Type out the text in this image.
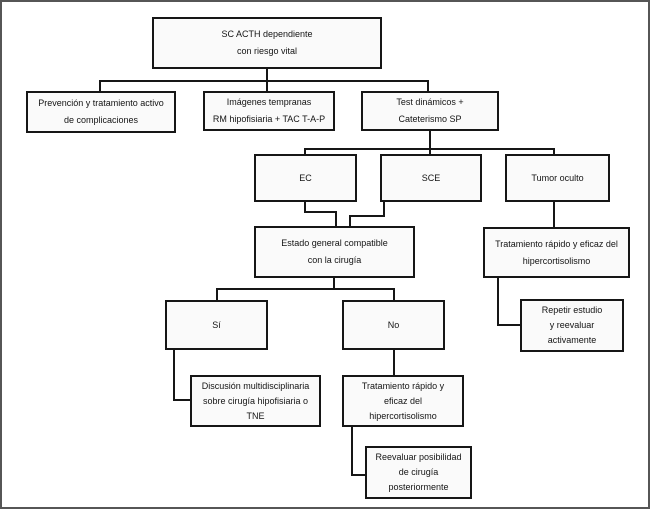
SC ACTH dependiente
con riesgo vital
Prevención y tratamiento activo
de complicaciones
Imágenes tempranas
RM hipofisiaria + TAC T-A-P
Test dinámicos +
Cateterismo SP
EC	SCE	Tumor oculto
Estado general compatible
con la cirugía
Tratamiento rápido y eficaz del
hipercortisolismo
Repetir estudio
y reevaluar
activamente
Sí	No
Discusión multidisciplinaria
sobre cirugía hipofisiaria o
TNE
Tratamiento rápido y
eficaz del
hipercortisolismo
Reevaluar posibilidad
de cirugía
posteriormente
